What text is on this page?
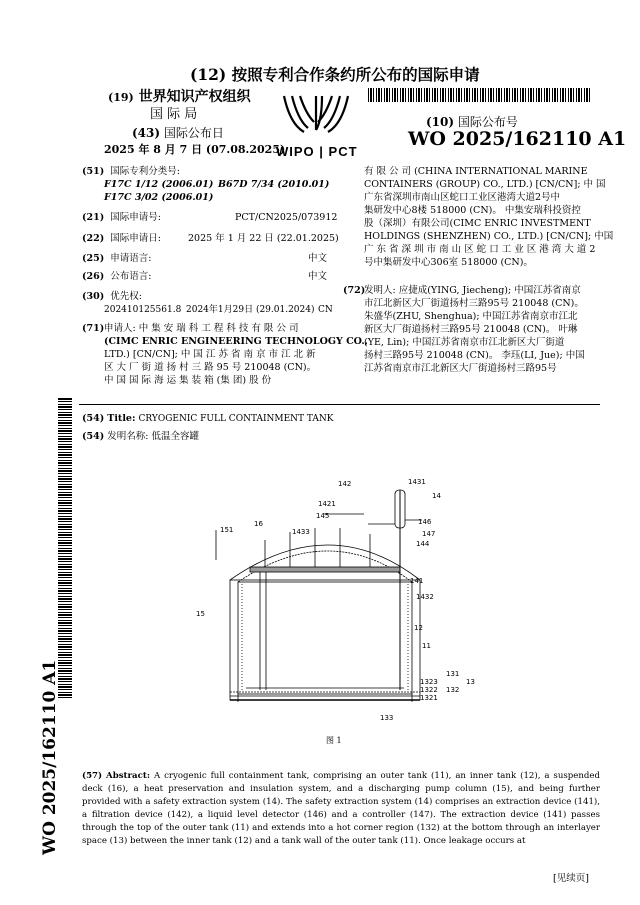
(12) 按照专利合作条约所公布的国际申请
(19) 世界知识产权组织
国 际 局
(43) 国际公布日
2025 年 8 月 7 日 (07.08.2025)
WIPO | PCT
(10) 国际公布号
WO 2025/162110 A1
(51) 国际专利分类号:
F17C 1/12 (2006.01) B67D 7/34 (2010.01)
F17C 3/02 (2006.01)
(21) 国际申请号:	PCT/CN2025/073912
(22) 国际申请日:	2025 年 1 月 22 日 (22.01.2025)
(25) 申请语言:	中文
(26) 公布语言:	中文
(30) 优先权:
202410125561.8 2024年1月29日 (29.01.2024) CN
(71) 申请人: 中 集 安 瑞 科 工 程 科 技 有 限 公 司
(CIMC ENRIC ENGINEERING TECHNOLOGY CO.,
LTD.) [CN/CN]; 中 国 江 苏 省 南 京 市 江 北 新
区 大 厂 街 道 扬 村 三 路 95 号 210048 (CN)。
中 国 国 际 海 运 集 装 箱 (集 团) 股 份
有 限 公 司 (CHINA INTERNATIONAL MARINE
CONTAINERS (GROUP) CO., LTD.) [CN/CN]; 中 国
广东省深圳市南山区蛇口工业区港湾大道2号中
集研发中心8楼 518000 (CN)。 中集安瑞科投资控
股（深圳）有限公司(CIMC ENRIC INVESTMENT
HOLDINGS (SHENZHEN) CO., LTD.) [CN/CN]; 中国
广 东 省 深 圳 市 南 山 区 蛇 口 工 业 区 港 湾 大 道 2
号中集研发中心306室 518000 (CN)。
(72)
发明人: 应捷成(YING, Jiecheng); 中国江苏省南京
市江北新区大厂街道扬村三路95号 210048 (CN)。
朱盛华(ZHU, Shenghua); 中国江苏省南京市江北
新区大厂街道扬村三路95号 210048 (CN)。 叶琳
(YE, Lin); 中国江苏省南京市江北新区大厂街道
扬村三路95号 210048 (CN)。 李珏(LI, Jue); 中国
江苏省南京市江北新区大厂街道扬村三路95号
(54) Title: CRYOGENIC FULL CONTAINMENT TANK
(54) 发明名称: 低温全容罐
142	1431
14
1421
145
146
147
144
151
16
1433
141
1432
15
12
11
131
1323	13
1322 132
1321
133
图 1
(57) Abstract: A cryogenic full containment tank, comprising an outer tank (11), an inner tank (12), a suspended deck (16), a heat preservation and insulation system, and a discharging pump column (15), and being further provided with a safety extraction system (14). The safety extraction system (14) comprises an extraction device (141), a filtration device (142), a liquid level detector (146) and a controller (147). The extraction device (141) passes through the top of the outer tank (11) and extends into a hot corner region (132) at the bottom through an interlayer space (13) between the inner tank (12) and a tank wall of the outer tank (11). Once leakage occurs at
WO 2025/162110 A1
[见续页]
